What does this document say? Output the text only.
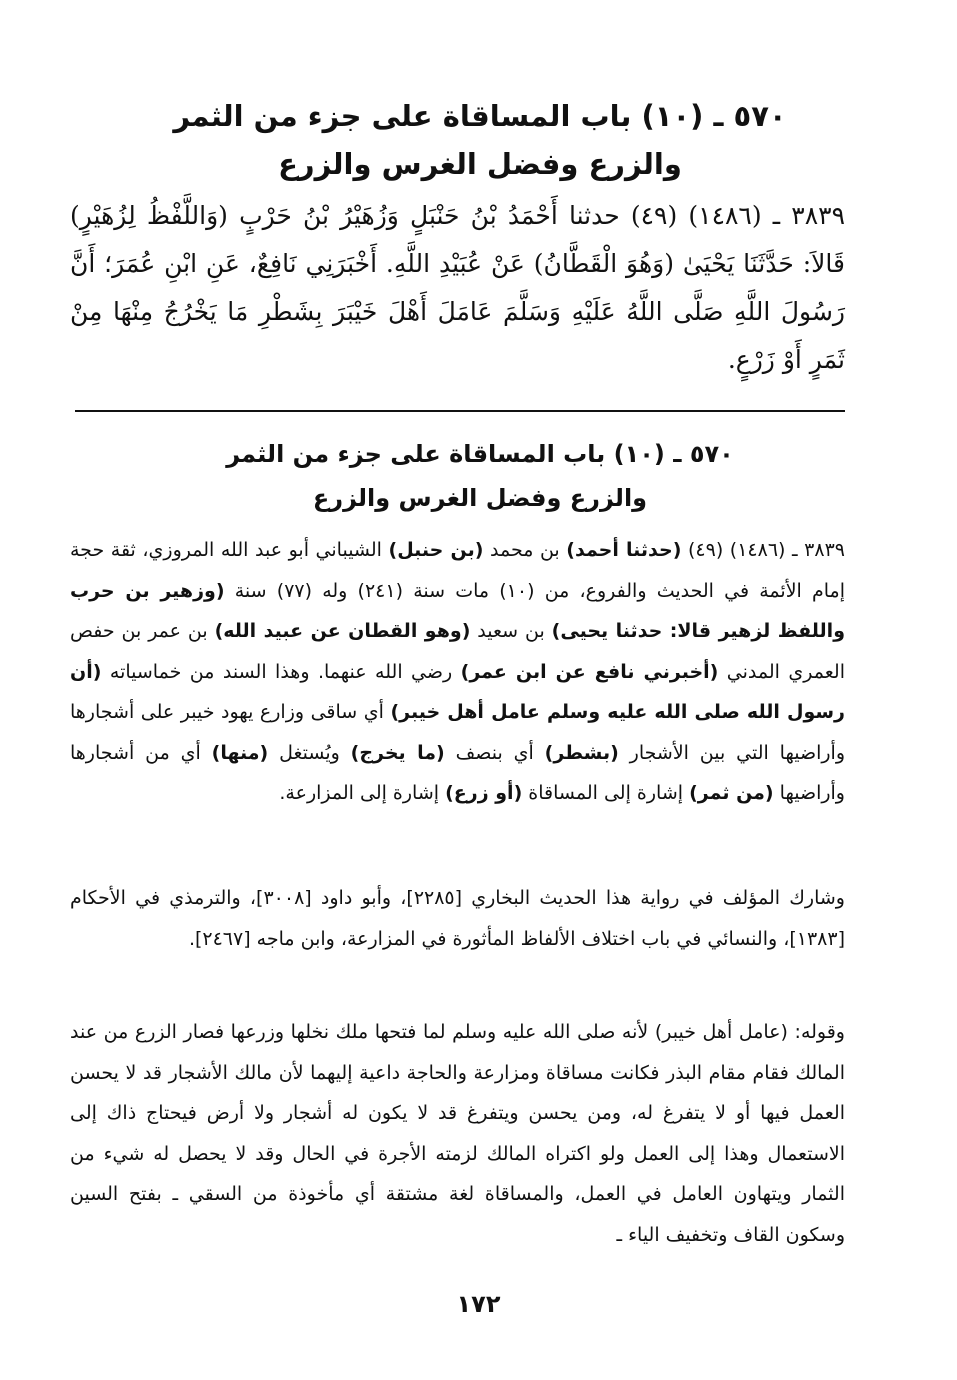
٥٧٠ ـ (١٠) باب المساقاة على جزء من الثمر
والزرع وفضل الغرس والزرع
٣٨٣٩ ـ (١٤٨٦) (٤٩) حدثنا أَحْمَدُ بْنُ حَنْبَلٍ وَزُهَيْرُ بْنُ حَرْبٍ (وَاللَّفْظُ لِزُهَيْرٍ) قَالاَ: حَدَّثَنَا يَحْيَىٰ (وَهُوَ الْقَطَّانُ) عَنْ عُبَيْدِ اللَّهِ. أَخْبَرَنِي نَافِعٌ، عَنِ ابْنِ عُمَرَ؛ أَنَّ رَسُولَ اللَّهِ صَلَّى اللَّهُ عَلَيْهِ وَسَلَّمَ عَامَلَ أَهْلَ خَيْبَرَ بِشَطْرِ مَا يَخْرُجُ مِنْهَا مِنْ ثَمَرٍ أَوْ زَرْعٍ.
٥٧٠ ـ (١٠) باب المساقاة على جزء من الثمر
والزرع وفضل الغرس والزرع
٣٨٣٩ ـ (١٤٨٦) (٤٩) (حدثنا أحمد) بن محمد (بن حنبل) الشيباني أبو عبد الله المروزي، ثقة حجة إمام الأئمة في الحديث والفروع، من (١٠) مات سنة (٢٤١) وله (٧٧) سنة (وزهير بن حرب واللفظ لزهير قالا: حدثنا يحيى) بن سعيد (وهو القطان عن عبيد الله) بن عمر بن حفص العمري المدني (أخبرني نافع عن ابن عمر) رضي الله عنهما. وهذا السند من خماسياته (أن رسول الله صلى الله عليه وسلم عامل أهل خيبر) أي ساقى وزارع يهود خيبر على أشجارها وأراضيها التي بين الأشجار (بشطر) أي بنصف (ما يخرج) ويُستغل (منها) أي من أشجارها وأراضيها (من ثمر) إشارة إلى المساقاة (أو زرع) إشارة إلى المزارعة.
وشارك المؤلف في رواية هذا الحديث البخاري [٢٢٨٥]، وأبو داود [٣٠٠٨]، والترمذي في الأحكام [١٣٨٣]، والنسائي في باب اختلاف الألفاظ المأثورة في المزارعة، وابن ماجه [٢٤٦٧].
وقوله: (عامل أهل خيبر) لأنه صلى الله عليه وسلم لما فتحها ملك نخلها وزرعها فصار الزرع من عند المالك فقام مقام البذر فكانت مساقاة ومزارعة والحاجة داعية إليهما لأن مالك الأشجار قد لا يحسن العمل فيها أو لا يتفرغ له، ومن يحسن ويتفرغ قد لا يكون له أشجار ولا أرض فيحتاج ذاك إلى الاستعمال وهذا إلى العمل ولو اكتراه المالك لزمته الأجرة في الحال وقد لا يحصل له شيء من الثمار ويتهاون العامل في العمل، والمساقاة لغة مشتقة أي مأخوذة من السقي ـ بفتح السين وسكون القاف وتخفيف الياء ـ
١٧٢
